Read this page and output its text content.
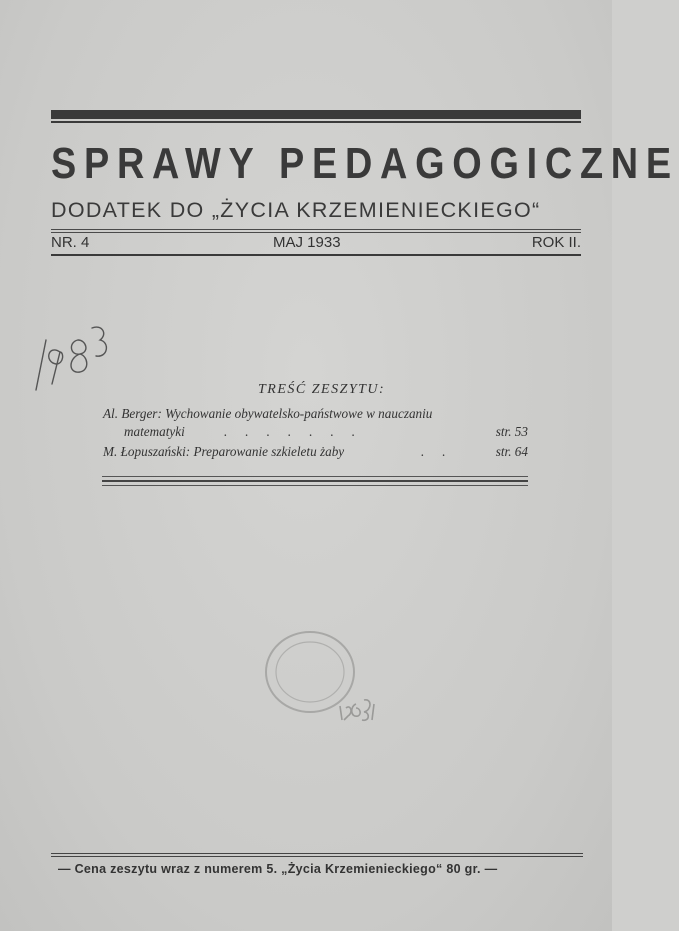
SPRAWY PEDAGOGICZNE
DODATEK DO „ŻYCIA KRZEMIENIECKIEGO“
NR. 4	MAJ 1933	ROK II.
TREŚĆ ZESZYTU:
Al. Berger: Wychowanie obywatelsko-państwowe w nauczaniu
matematyki	.......	str. 53
M. Łopuszański: Preparowanie szkieletu żaby	.. str. 64
— Cena zeszytu wraz z numerem 5. „Życia Krzemienieckiego“ 80 gr. —
